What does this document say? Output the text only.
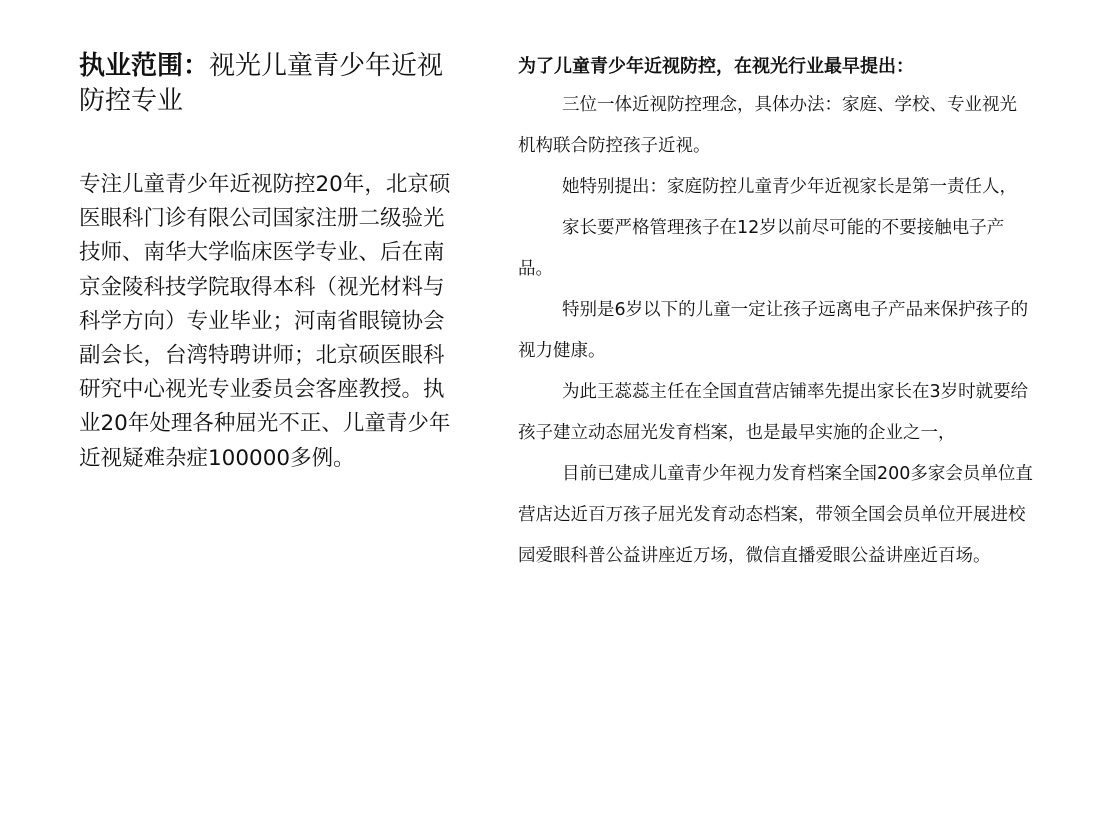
执业范围：视光儿童青少年近视防控专业
专注儿童青少年近视防控20年，北京硕医眼科门诊有限公司国家注册二级验光技师、南华大学临床医学专业、后在南京金陵科技学院取得本科（视光材料与科学方向）专业毕业；河南省眼镜协会副会长，台湾特聘讲师；北京硕医眼科研究中心视光专业委员会客座教授。执业20年处理各种屈光不正、儿童青少年近视疑难杂症100000多例。

为了儿童青少年近视防控，在视光行业最早提出：

三位一体近视防控理念，具体办法：家庭、学校、专业视光机构联合防控孩子近视。

她特别提出：家庭防控儿童青少年近视家长是第一责任人，

家长要严格管理孩子在12岁以前尽可能的不要接触电子产品。

特别是6岁以下的儿童一定让孩子远离电子产品来保护孩子的视力健康。

为此王蕊蕊主任在全国直营店铺率先提出家长在3岁时就要给孩子建立动态屈光发育档案，也是最早实施的企业之一，

目前已建成儿童青少年视力发育档案全国200多家会员单位直营店达近百万孩子屈光发育动态档案，带领全国会员单位开展进校园爱眼科普公益讲座近万场，微信直播爱眼公益讲座近百场。
